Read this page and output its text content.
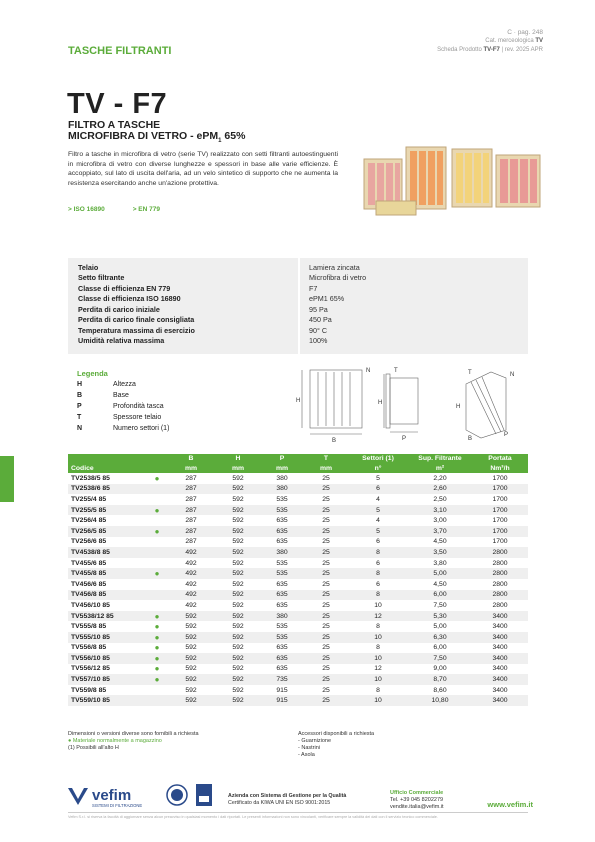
TASCHE FILTRANTI
C · pag. 248
Cat. merceologica TV
Scheda Prodotto TV-F7 | rev. 2025 APR
TV - F7
FILTRO A TASCHE
MICROFIBRA DI VETRO - ePM$_1$ 65%
Filtro a tasche in microfibra di vetro (serie TV) realizzato con setti filtranti autoestinguenti in microfibra di vetro con diverse lunghezze e spessori in base alle varie efficienze. È accoppiato, sul lato di uscita dell'aria, ad un velo sintetico di supporto che ne aumenta la resistenza esercitando anche un'azione protettiva.
> ISO 16890	> EN 779
Telaio	Lamiera zincata
Setto filtrante	Microfibra di vetro
Classe di efficienza EN 779	F7
Classe di efficienza ISO 16890	ePM1 65%
Perdita di carico iniziale	95 Pa
Perdita di carico finale consigliata	450 Pa
Temperatura massima di esercizio	90° C
Umidità relativa massima	100%
Legenda
H	Altezza
B	Base
P	Profondità tasca
T	Spessore telaio
N	Numero settori (1)
N
H
B
T
H
P
T	N
H
B
P
		B	H	P	T	Settori (1)	Sup. Filtrante	Portata
Codice		mm	mm	mm	mm	n°	m²	Nm³/h
TV2538/5 85	●	287	592	380	25	5	2,20	1700
TV2538/6 85		287	592	380	25	6	2,60	1700
TV255/4 85		287	592	535	25	4	2,50	1700
TV255/5 85	●	287	592	535	25	5	3,10	1700
TV256/4 85		287	592	635	25	4	3,00	1700
TV256/5 85	●	287	592	635	25	5	3,70	1700
TV256/6 85		287	592	635	25	6	4,50	1700
TV4538/8 85		492	592	380	25	8	3,50	2800
TV455/6 85		492	592	535	25	6	3,80	2800
TV455/8 85	●	492	592	535	25	8	5,00	2800
TV456/6 85		492	592	635	25	6	4,50	2800
TV456/8 85		492	592	635	25	8	6,00	2800
TV456/10 85		492	592	635	25	10	7,50	2800
TV5538/12 85	●	592	592	380	25	12	5,30	3400
TV555/8 85	●	592	592	535	25	8	5,00	3400
TV555/10 85	●	592	592	535	25	10	6,30	3400
TV556/8 85	●	592	592	635	25	8	6,00	3400
TV556/10 85	●	592	592	635	25	10	7,50	3400
TV556/12 85	●	592	592	635	25	12	9,00	3400
TV557/10 85	●	592	592	735	25	10	8,70	3400
TV559/8 85		592	592	915	25	8	8,60	3400
TV559/10 85		592	592	915	25	10	10,80	3400
Dimensioni o versioni diverse sono fornibili a richiesta
● Materiale normalmente a magazzino
(1) Possibili all'alto H
Accessori disponibili a richiesta
- Guarnizione
- Nastrini
- Asola
vefim
SISTEMI DI FILTRAZIONE
Azienda con Sistema di Gestione per la Qualità
Certificato da KIWA UNI EN ISO 9001:2015
Ufficio Commerciale
Tel. +39 045 8202279
vendite.italia@vefim.it	www.vefim.it
Vefim S.r.l. si riserva la facoltà di aggiornare senza alcun preavviso in qualsiasi momento i dati riportati. Le presenti informazioni non sono vincolanti, verificare sempre la validità dei dati con il servizio tecnico commerciale.
